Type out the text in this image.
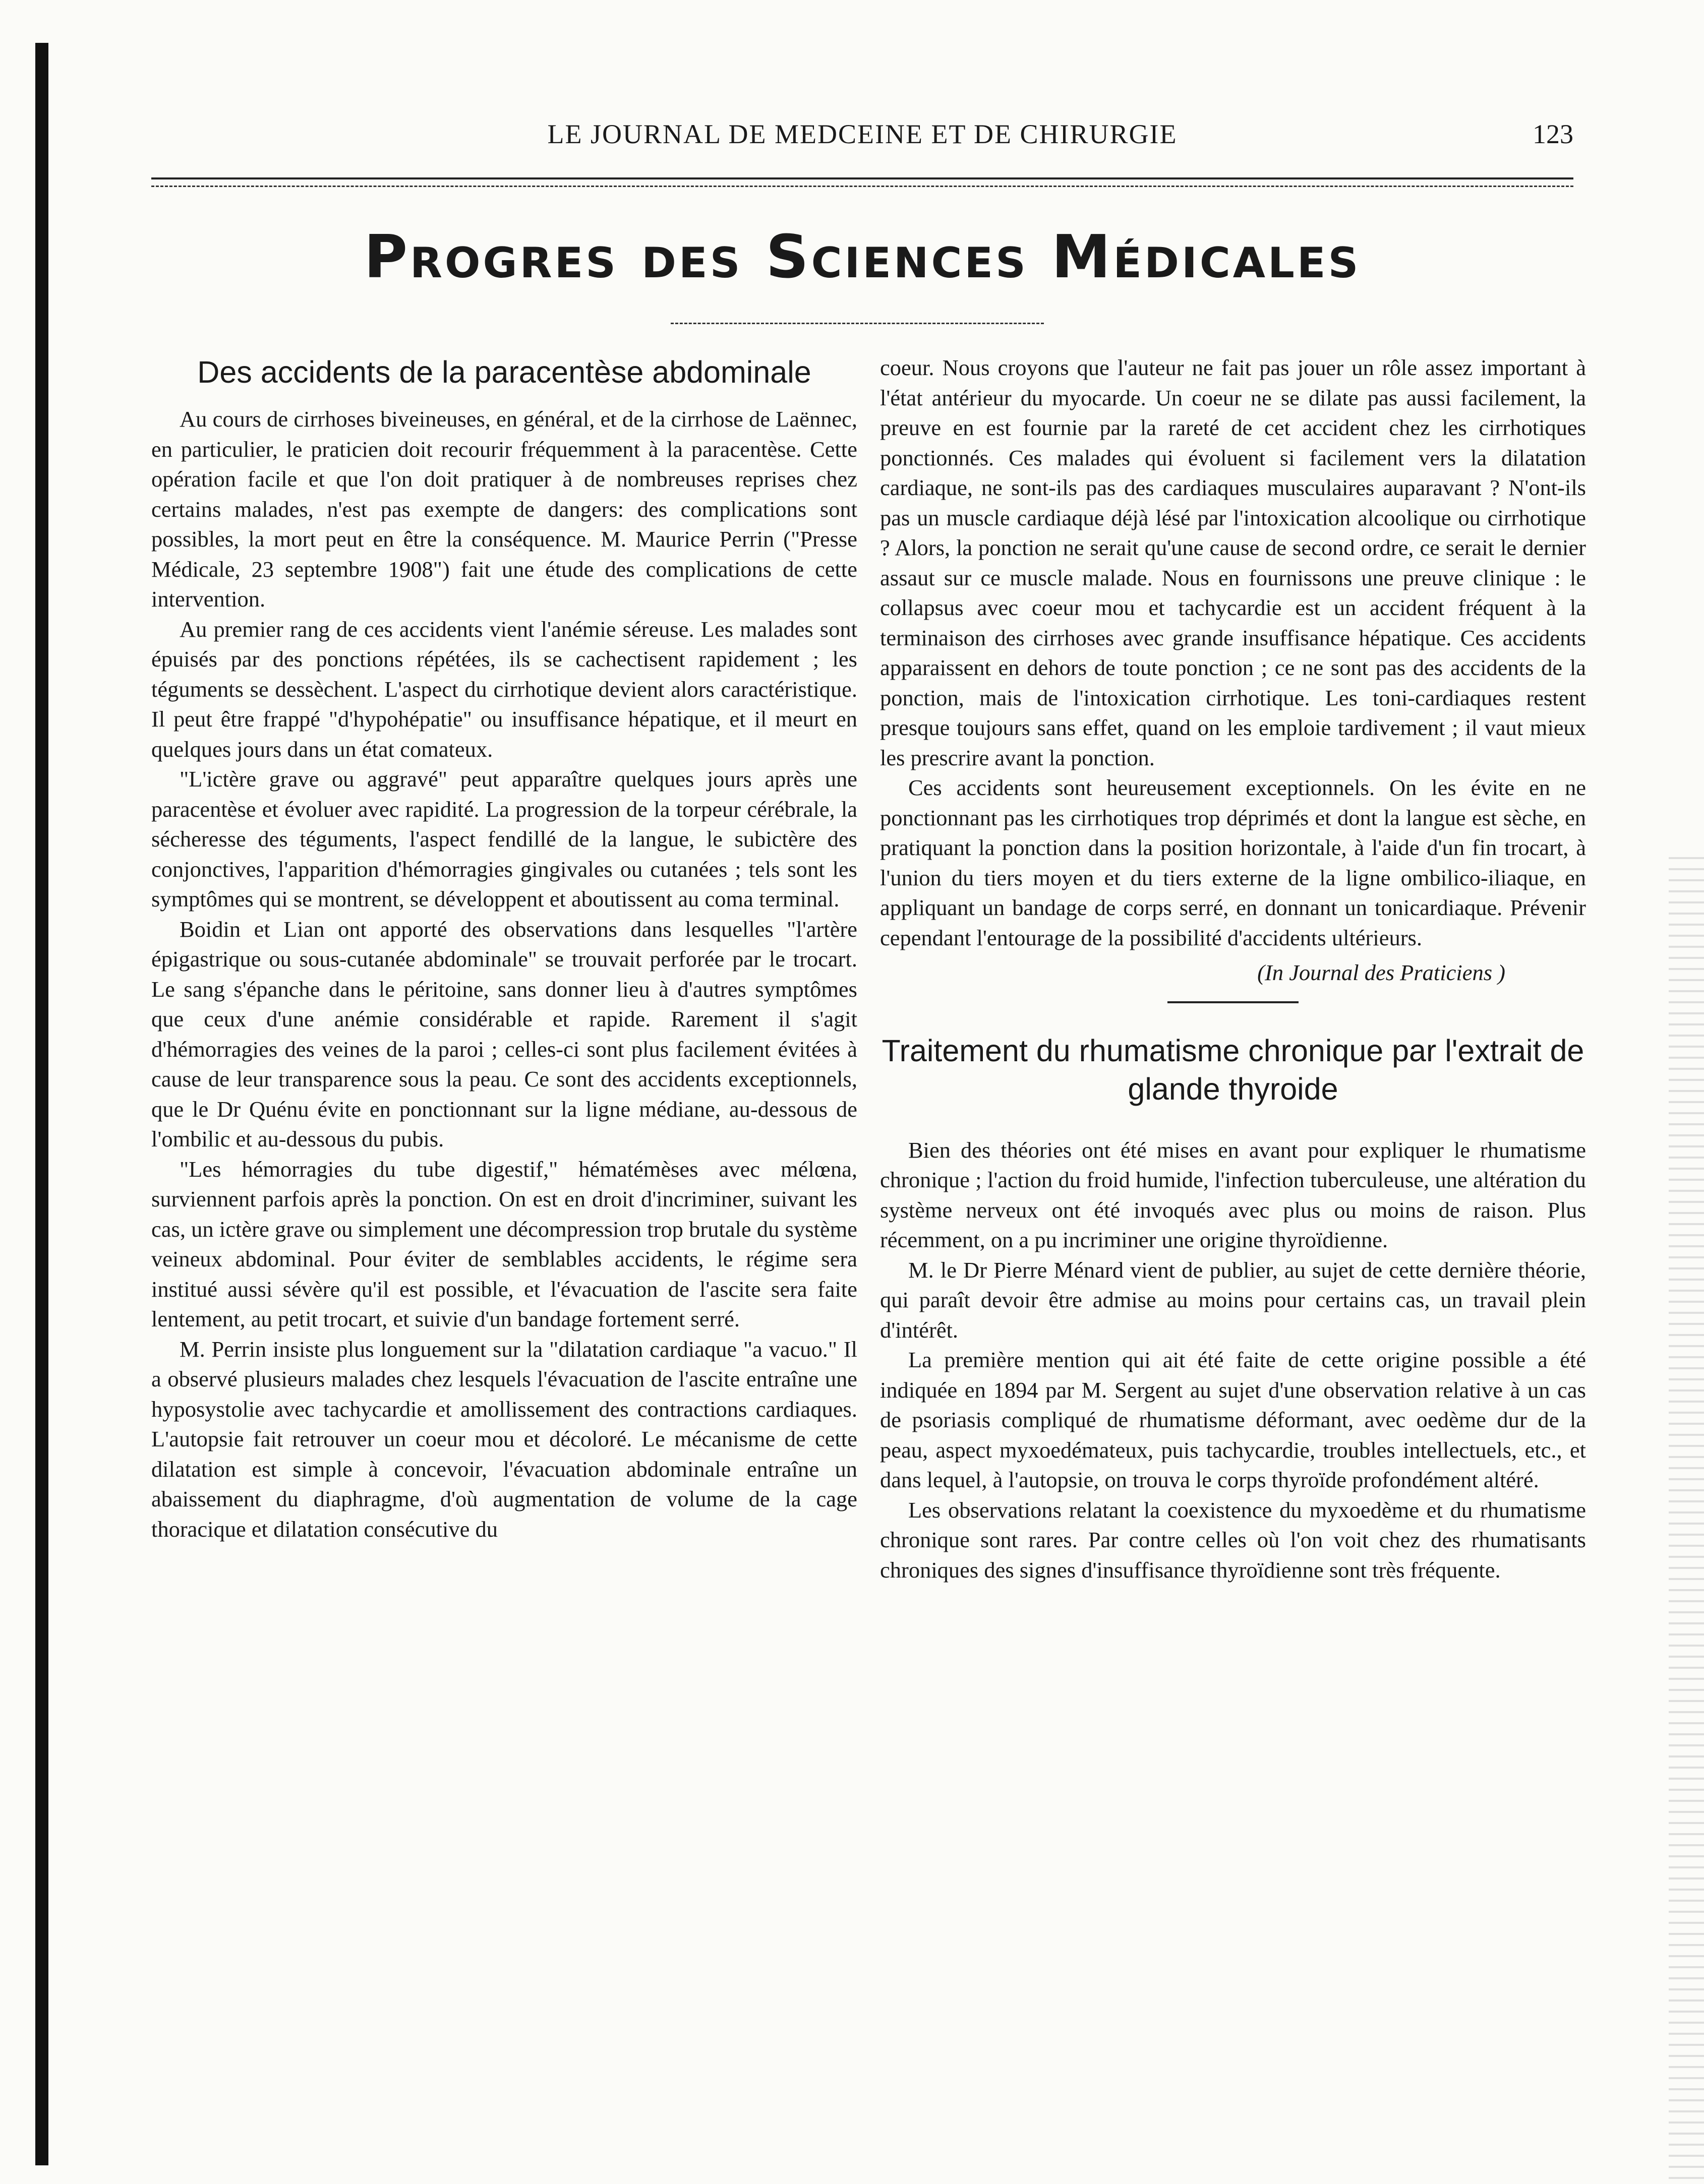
LE JOURNAL DE MEDCEINE ET DE CHIRURGIE	123
Progres des Sciences Médicales
Des accidents de la paracentèse abdominale

Au cours de cirrhoses biveineuses, en général, et de la cirrhose de Laënnec, en particulier, le praticien doit recourir fréquemment à la paracentèse. Cette opération facile et que l'on doit pratiquer à de nombreuses reprises chez certains malades, n'est pas exempte de dangers: des complications sont possibles, la mort peut en être la conséquence. M. Maurice Perrin ("Presse Médicale, 23 septembre 1908") fait une étude des complications de cette intervention.

Au premier rang de ces accidents vient l'anémie séreuse. Les malades sont épuisés par des ponctions répétées, ils se cachectisent rapidement ; les téguments se dessèchent. L'aspect du cirrhotique devient alors caractéristique. Il peut être frappé "d'hypohépatie" ou insuffisance hépatique, et il meurt en quelques jours dans un état comateux.

"L'ictère grave ou aggravé" peut apparaître quelques jours après une paracentèse et évoluer avec rapidité. La progression de la torpeur cérébrale, la sécheresse des téguments, l'aspect fendillé de la langue, le subictère des conjonctives, l'apparition d'hémorragies gingivales ou cutanées ; tels sont les symptômes qui se montrent, se développent et aboutissent au coma terminal.

Boidin et Lian ont apporté des observations dans lesquelles "l'artère épigastrique ou sous-cutanée abdominale" se trouvait perforée par le trocart. Le sang s'épanche dans le péritoine, sans donner lieu à d'autres symptômes que ceux d'une anémie considérable et rapide. Rarement il s'agit d'hémorragies des veines de la paroi ; celles-ci sont plus facilement évitées à cause de leur transparence sous la peau. Ce sont des accidents exceptionnels, que le Dr Quénu évite en ponctionnant sur la ligne médiane, au-dessous de l'ombilic et au-dessous du pubis.

"Les hémorragies du tube digestif," hématémèses avec mélœna, surviennent parfois après la ponction. On est en droit d'incriminer, suivant les cas, un ictère grave ou simplement une décompression trop brutale du système veineux abdominal. Pour éviter de semblables accidents, le régime sera institué aussi sévère qu'il est possible, et l'évacuation de l'ascite sera faite lentement, au petit trocart, et suivie d'un bandage fortement serré.

M. Perrin insiste plus longuement sur la "dilatation cardiaque "a vacuo." Il a observé plusieurs malades chez lesquels l'évacuation de l'ascite entraîne une hyposystolie avec tachycardie et amollissement des contractions cardiaques. L'autopsie fait retrouver un coeur mou et décoloré. Le mécanisme de cette dilatation est simple à concevoir, l'évacuation abdominale entraîne un abaissement du diaphragme, d'où augmentation de volume de la cage thoracique et dilatation consécutive du

coeur. Nous croyons que l'auteur ne fait pas jouer un rôle assez important à l'état antérieur du myocarde. Un coeur ne se dilate pas aussi facilement, la preuve en est fournie par la rareté de cet accident chez les cirrhotiques ponctionnés. Ces malades qui évoluent si facilement vers la dilatation cardiaque, ne sont-ils pas des cardiaques musculaires auparavant ? N'ont-ils pas un muscle cardiaque déjà lésé par l'intoxication alcoolique ou cirrhotique ? Alors, la ponction ne serait qu'une cause de second ordre, ce serait le dernier assaut sur ce muscle malade. Nous en fournissons une preuve clinique : le collapsus avec coeur mou et tachycardie est un accident fréquent à la terminaison des cirrhoses avec grande insuffisance hépatique. Ces accidents apparaissent en dehors de toute ponction ; ce ne sont pas des accidents de la ponction, mais de l'intoxication cirrhotique. Les toni-cardiaques restent presque toujours sans effet, quand on les emploie tardivement ; il vaut mieux les prescrire avant la ponction.

Ces accidents sont heureusement exceptionnels. On les évite en ne ponctionnant pas les cirrhotiques trop déprimés et dont la langue est sèche, en pratiquant la ponction dans la position horizontale, à l'aide d'un fin trocart, à l'union du tiers moyen et du tiers externe de la ligne ombilico-iliaque, en appliquant un bandage de corps serré, en donnant un tonicardiaque. Prévenir cependant l'entourage de la possibilité d'accidents ultérieurs.

(In Journal des Praticiens )

Traitement du rhumatisme chronique par l'extrait de glande thyroide

Bien des théories ont été mises en avant pour expliquer le rhumatisme chronique ; l'action du froid humide, l'infection tuberculeuse, une altération du système nerveux ont été invoqués avec plus ou moins de raison. Plus récemment, on a pu incriminer une origine thyroïdienne.

M. le Dr Pierre Ménard vient de publier, au sujet de cette dernière théorie, qui paraît devoir être admise au moins pour certains cas, un travail plein d'intérêt.

La première mention qui ait été faite de cette origine possible a été indiquée en 1894 par M. Sergent au sujet d'une observation relative à un cas de psoriasis compliqué de rhumatisme déformant, avec oedème dur de la peau, aspect myxoedémateux, puis tachycardie, troubles intellectuels, etc., et dans lequel, à l'autopsie, on trouva le corps thyroïde profondément altéré.

Les observations relatant la coexistence du myxoedème et du rhumatisme chronique sont rares. Par contre celles où l'on voit chez des rhumatisants chroniques des signes d'insuffisance thyroïdienne sont très fréquente.
